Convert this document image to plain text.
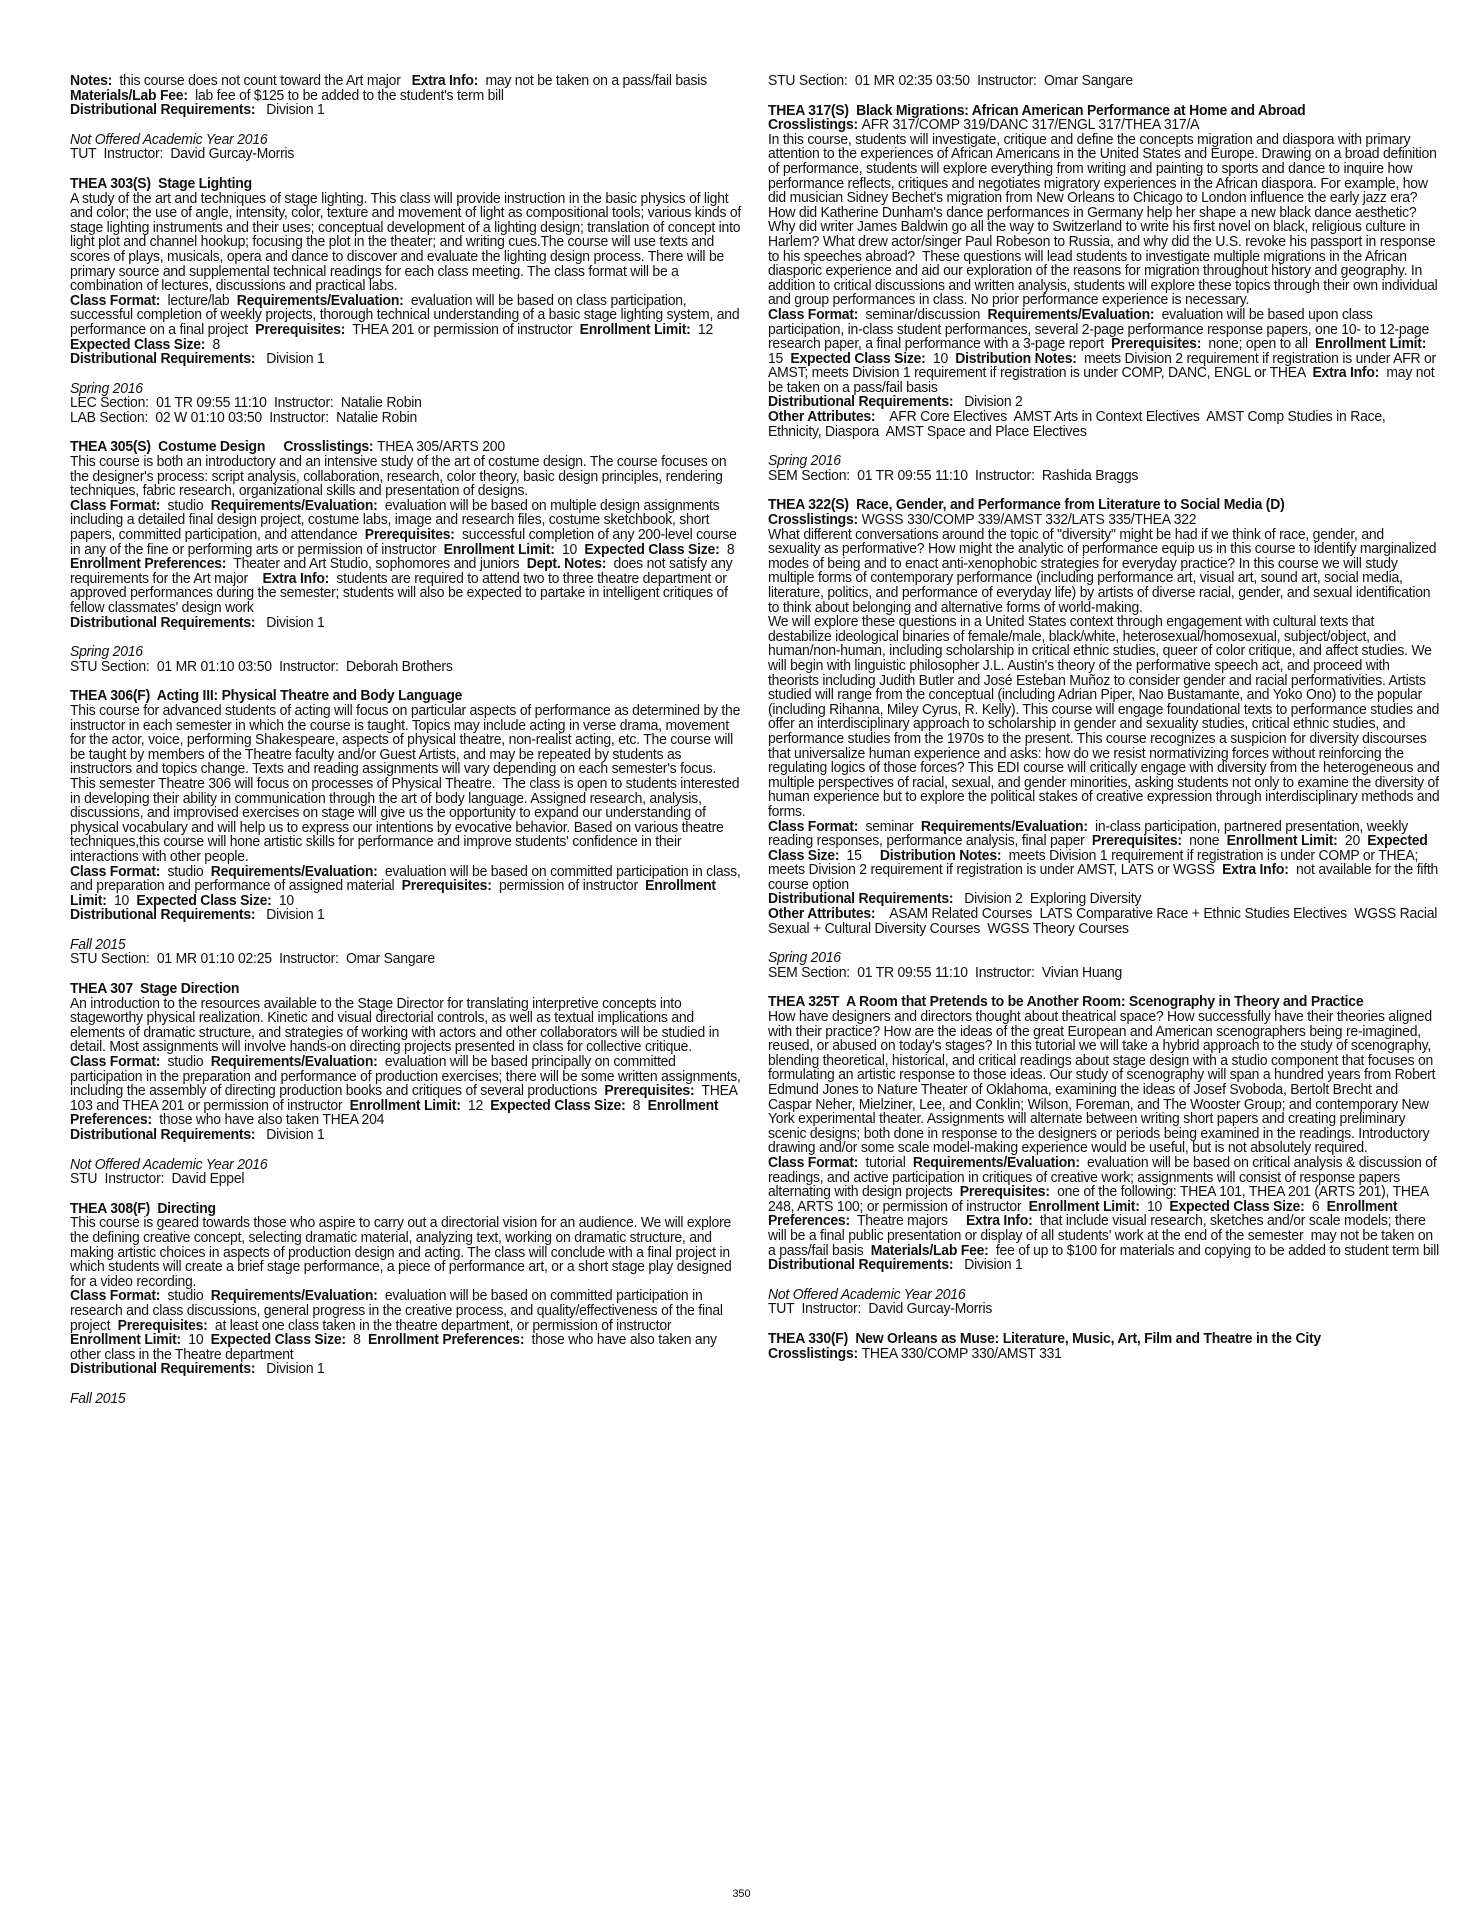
Notes:  this course does not count toward the Art major   Extra Info:  may not be taken on a pass/fail basis   Materials/Lab Fee:  lab fee of $125 to be added to the student's term bill

Distributional Requirements:   Division 1

Not Offered Academic Year 2016

TUT  Instructor:  David Gurcay-Morris

THEA 303(S)  Stage Lighting

A study of the art and techniques of stage lighting. This class will provide instruction in the basic physics of light and color; the use of angle, intensity, color, texture and movement of light as compositional tools; various kinds of stage lighting instruments and their uses; conceptual development of a lighting design; translation of concept into light plot and channel hookup; focusing the plot in the theater; and writing cues.The course will use texts and scores of plays, musicals, opera and dance to discover and evaluate the lighting design process. There will be primary source and supplemental technical readings for each class meeting. The class format will be a combination of lectures, discussions and practical labs.

Class Format:  lecture/lab  Requirements/Evaluation:  evaluation will be based on class participation, successful completion of weekly projects, thorough technical understanding of a basic stage lighting system, and performance on a final project  Prerequisites:  THEA 201 or permission of instructor  Enrollment Limit:  12  Expected Class Size:  8

Distributional Requirements:   Division 1

Spring 2016

LEC Section:  01 TR 09:55 11:10  Instructor:  Natalie Robin

LAB Section:  02 W 01:10 03:50  Instructor:  Natalie Robin

THEA 305(S)  Costume Design     Crosslistings: THEA 305/ARTS 200

This course is both an introductory and an intensive study of the art of costume design. The course focuses on the designer's process: script analysis, collaboration, research, color theory, basic design principles, rendering techniques, fabric research, organizational skills and presentation of designs.

Class Format:  studio  Requirements/Evaluation:  evaluation will be based on multiple design assignments including a detailed final design project, costume labs, image and research files, costume sketchbook, short papers, committed participation, and attendance  Prerequisites:  successful completion of any 200-level course in any of the fine or performing arts or permission of instructor  Enrollment Limit:  10  Expected Class Size:  8  Enrollment Preferences:  Theater and Art Studio, sophomores and juniors  Dept. Notes:  does not satisfy any requirements for the Art major    Extra Info:  students are required to attend two to three theatre department or approved performances during the semester; students will also be expected to partake in intelligent critiques of fellow classmates' design work

Distributional Requirements:   Division 1

Spring 2016

STU Section:  01 MR 01:10 03:50  Instructor:  Deborah Brothers

THEA 306(F)  Acting III: Physical Theatre and Body Language

This course for advanced students of acting will focus on particular aspects of performance as determined by the instructor in each semester in which the course is taught. Topics may include acting in verse drama, movement for the actor, voice, performing Shakespeare, aspects of physical theatre, non-realist acting, etc. The course will be taught by members of the Theatre faculty and/or Guest Artists, and may be repeated by students as instructors and topics change. Texts and reading assignments will vary depending on each semester's focus.

This semester Theatre 306 will focus on processes of Physical Theatre.  The class is open to students interested in developing their ability in communication through the art of body language. Assigned research, analysis, discussions, and improvised exercises on stage will give us the opportunity to expand our understanding of physical vocabulary and will help us to express our intentions by evocative behavior. Based on various theatre techniques,this course will hone artistic skills for performance and improve students' confidence in their interactions with other people.

Class Format:  studio  Requirements/Evaluation:  evaluation will be based on committed participation in class, and preparation and performance of assigned material  Prerequisites:  permission of instructor  Enrollment Limit:  10  Expected Class Size:  10

Distributional Requirements:   Division 1

Fall 2015

STU Section:  01 MR 01:10 02:25  Instructor:  Omar Sangare

THEA 307  Stage Direction

An introduction to the resources available to the Stage Director for translating interpretive concepts into stageworthy physical realization. Kinetic and visual directorial controls, as well as textual implications and elements of dramatic structure, and strategies of working with actors and other collaborators will be studied in detail. Most assignments will involve hands-on directing projects presented in class for collective critique.

Class Format:  studio  Requirements/Evaluation:  evaluation will be based principally on committed participation in the preparation and performance of production exercises; there will be some written assignments, including the assembly of directing production books and critiques of several productions  Prerequisites:  THEA 103 and THEA 201 or permission of instructor  Enrollment Limit:  12  Expected Class Size:  8  Enrollment Preferences:  those who have also taken THEA 204

Distributional Requirements:   Division 1

Not Offered Academic Year 2016

STU  Instructor:  David Eppel

THEA 308(F)  Directing

This course is geared towards those who aspire to carry out a directorial vision for an audience. We will explore the defining creative concept, selecting dramatic material, analyzing text, working on dramatic structure, and making artistic choices in aspects of production design and acting. The class will conclude with a final project in which students will create a brief stage performance, a piece of performance art, or a short stage play designed for a video recording.

Class Format:  studio  Requirements/Evaluation:  evaluation will be based on committed participation in research and class discussions, general progress in the creative process, and quality/effectiveness of the final project  Prerequisites:  at least one class taken in the theatre department, or permission of instructor  Enrollment Limit:  10  Expected Class Size:  8  Enrollment Preferences:  those who have also taken any other class in the Theatre department

Distributional Requirements:   Division 1

Fall 2015

STU Section:  01 MR 02:35 03:50  Instructor:  Omar Sangare

THEA 317(S)  Black Migrations: African American Performance at Home and Abroad

Crosslistings: AFR 317/COMP 319/DANC 317/ENGL 317/THEA 317/A

In this course, students will investigate, critique and define the concepts migration and diaspora with primary attention to the experiences of African Americans in the United States and Europe. Drawing on a broad definition of performance, students will explore everything from writing and painting to sports and dance to inquire how performance reflects, critiques and negotiates migratory experiences in the African diaspora. For example, how did musician Sidney Bechet's migration from New Orleans to Chicago to London influence the early jazz era? How did Katherine Dunham's dance performances in Germany help her shape a new black dance aesthetic? Why did writer James Baldwin go all the way to Switzerland to write his first novel on black, religious culture in Harlem? What drew actor/singer Paul Robeson to Russia, and why did the U.S. revoke his passport in response to his speeches abroad?  These questions will lead students to investigate multiple migrations in the African diasporic experience and aid our exploration of the reasons for migration throughout history and geography. In addition to critical discussions and written analysis, students will explore these topics through their own individual and group performances in class. No prior performance experience is necessary.

Class Format:  seminar/discussion  Requirements/Evaluation:  evaluation will be based upon class participation, in-class student performances, several 2-page performance response papers, one 10- to 12-page research paper, a final performance with a 3-page report  Prerequisites:  none; open to all  Enrollment Limit:  15  Expected Class Size:  10  Distribution Notes:  meets Division 2 requirement if registration is under AFR or AMST; meets Division 1 requirement if registration is under COMP, DANC, ENGL or THEA  Extra Info:  may not be taken on a pass/fail basis

Distributional Requirements:   Division 2

Other Attributes:    AFR Core Electives  AMST Arts in Context Electives  AMST Comp Studies in Race, Ethnicity, Diaspora  AMST Space and Place Electives

Spring 2016

SEM Section:  01 TR 09:55 11:10  Instructor:  Rashida Braggs

THEA 322(S)  Race, Gender, and Performance from Literature to Social Media (D)

Crosslistings: WGSS 330/COMP 339/AMST 332/LATS 335/THEA 322

What different conversations around the topic of "diversity" might be had if we think of race, gender, and sexuality as performative? How might the analytic of performance equip us in this course to identify marginalized modes of being and to enact anti-xenophobic strategies for everyday practice? In this course we will study multiple forms of contemporary performance (including performance art, visual art, sound art, social media, literature, politics, and performance of everyday life) by artists of diverse racial, gender, and sexual identification to think about belonging and alternative forms of world-making.

We will explore these questions in a United States context through engagement with cultural texts that destabilize ideological binaries of female/male, black/white, heterosexual/homosexual, subject/object, and human/non-human, including scholarship in critical ethnic studies, queer of color critique, and affect studies. We will begin with linguistic philosopher J.L. Austin's theory of the performative speech act, and proceed with theorists including Judith Butler and José Esteban Muñoz to consider gender and racial performativities. Artists studied will range from the conceptual (including Adrian Piper, Nao Bustamante, and Yoko Ono) to the popular (including Rihanna, Miley Cyrus, R. Kelly). This course will engage foundational texts to performance studies and offer an interdisciplinary approach to scholarship in gender and sexuality studies, critical ethnic studies, and performance studies from the 1970s to the present. This course recognizes a suspicion for diversity discourses that universalize human experience and asks: how do we resist normativizing forces without reinforcing the regulating logics of those forces? This EDI course will critically engage with diversity from the heterogeneous and multiple perspectives of racial, sexual, and gender minorities, asking students not only to examine the diversity of human experience but to explore the political stakes of creative expression through interdisciplinary methods and forms.

Class Format:  seminar  Requirements/Evaluation:  in-class participation, partnered presentation, weekly reading responses, performance analysis, final paper  Prerequisites:  none  Enrollment Limit:  20  Expected Class Size:  15     Distribution Notes:  meets Division 1 requirement if registration is under COMP or THEA; meets Division 2 requirement if registration is under AMST, LATS or WGSS  Extra Info:  not available for the fifth course option

Distributional Requirements:   Division 2  Exploring Diversity

Other Attributes:    ASAM Related Courses  LATS Comparative Race + Ethnic Studies Electives  WGSS Racial Sexual + Cultural Diversity Courses  WGSS Theory Courses

Spring 2016

SEM Section:  01 TR 09:55 11:10  Instructor:  Vivian Huang

THEA 325T  A Room that Pretends to be Another Room: Scenography in Theory and Practice

How have designers and directors thought about theatrical space? How successfully have their theories aligned with their practice? How are the ideas of the great European and American scenographers being re-imagined, reused, or abused on today's stages? In this tutorial we will take a hybrid approach to the study of scenography, blending theoretical, historical, and critical readings about stage design with a studio component that focuses on formulating an artistic response to those ideas. Our study of scenography will span a hundred years from Robert Edmund Jones to Nature Theater of Oklahoma, examining the ideas of Josef Svoboda, Bertolt Brecht and Caspar Neher, Mielziner, Lee, and Conklin; Wilson, Foreman, and The Wooster Group; and contemporary New York experimental theater. Assignments will alternate between writing short papers and creating preliminary scenic designs; both done in response to the designers or periods being examined in the readings. Introductory drawing and/or some scale model-making experience would be useful, but is not absolutely required.

Class Format:  tutorial  Requirements/Evaluation:  evaluation will be based on critical analysis & discussion of readings, and active participation in critiques of creative work; assignments will consist of response papers alternating with design projects  Prerequisites:  one of the following: THEA 101, THEA 201 (ARTS 201), THEA 248, ARTS 100; or permission of instructor  Enrollment Limit:  10  Expected Class Size:  6  Enrollment Preferences:  Theatre majors     Extra Info:  that include visual research, sketches and/or scale models; there will be a final public presentation or display of all students' work at the end of the semester  may not be taken on a pass/fail basis  Materials/Lab Fee:  fee of up to $100 for materials and copying to be added to student term bill

Distributional Requirements:   Division 1

Not Offered Academic Year 2016

TUT  Instructor:  David Gurcay-Morris

THEA 330(F)  New Orleans as Muse: Literature, Music, Art, Film and Theatre in the City

Crosslistings: THEA 330/COMP 330/AMST 331

350
